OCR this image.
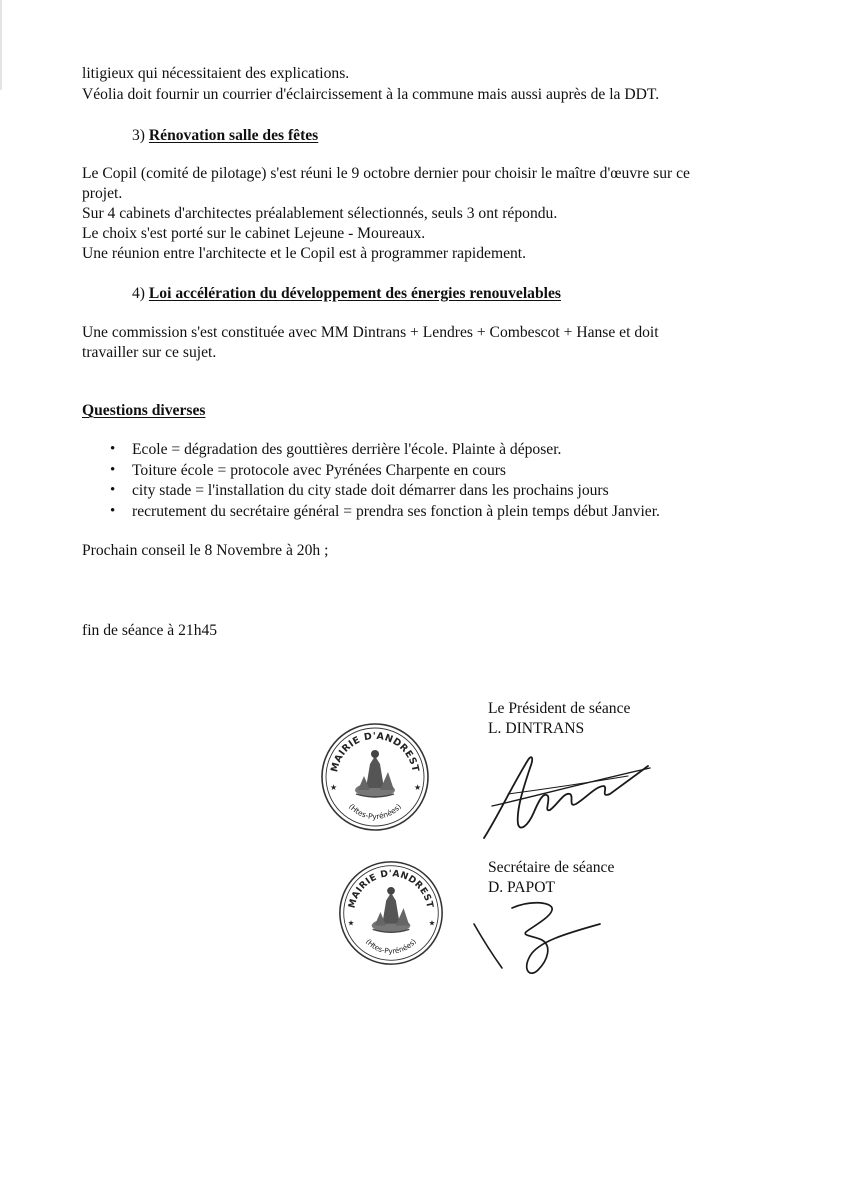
litigieux qui nécessitaient des explications.
Véolia doit fournir un courrier d'éclaircissement à la commune mais aussi auprès de la DDT.
3) Rénovation salle des fêtes
Le Copil (comité de pilotage) s'est réuni le 9 octobre dernier pour choisir le maître d'œuvre sur ce
projet.
Sur 4 cabinets d'architectes préalablement sélectionnés, seuls 3 ont répondu.
Le choix s'est porté sur le cabinet Lejeune - Moureaux.
Une réunion entre l'architecte et le Copil est à programmer rapidement.
4) Loi accélération du développement des énergies renouvelables
Une commission s'est constituée avec MM Dintrans + Lendres + Combescot + Hanse et doit
travailler sur ce sujet.
Questions diverses
• Ecole = dégradation des gouttières derrière l'école. Plainte à déposer.
• Toiture école = protocole avec Pyrénées Charpente en cours
• city stade = l'installation du city stade doit démarrer dans les prochains jours
• recrutement du secrétaire général = prendra ses fonction à plein temps début Janvier.
Prochain conseil le 8 Novembre à 20h ;
fin de séance à 21h45
Le Président de séance
L. DINTRANS
Secrétaire de séance
D. PAPOT
MAIRIE D'ANDREST
(Htes-Pyrénées)
★	★
MAIRIE D'ANDREST
(Htes-Pyrénées)
★	★
